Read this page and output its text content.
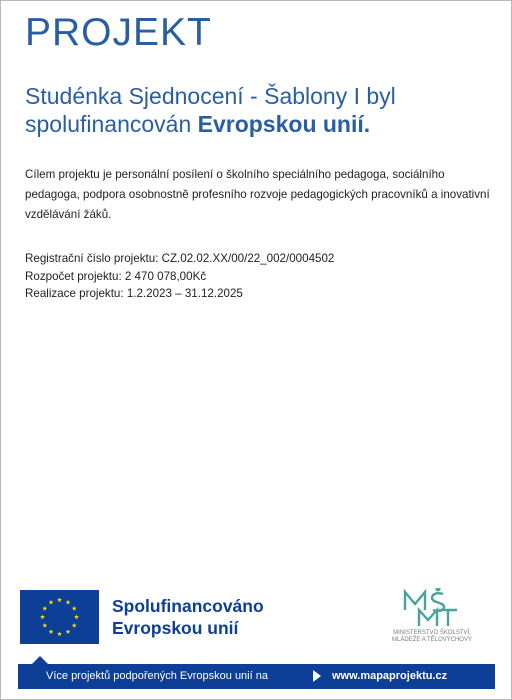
PROJEKT
Studénka Sjednocení - Šablony I byl spolufinancován Evropskou unií.
Cílem projektu je personální posílení o školního speciálního pedagoga, sociálního pedagoga, podpora osobnostně profesního rozvoje pedagogických pracovníků a inovativní vzdělávání žáků.
Registrační číslo projektu: CZ.02.02.XX/00/22_002/0004502
Rozpočet projektu: 2 470 078,00Kč
Realizace projektu: 1.2.2023 – 31.12.2025
Spolufinancováno
Evropskou unií	MINISTERSTVO ŠKOLSTVÍ,
MLÁDEŽE A TĚLOVÝCHOVY
Více projektů podpořených Evropskou unií na	www.mapaprojektu.cz
